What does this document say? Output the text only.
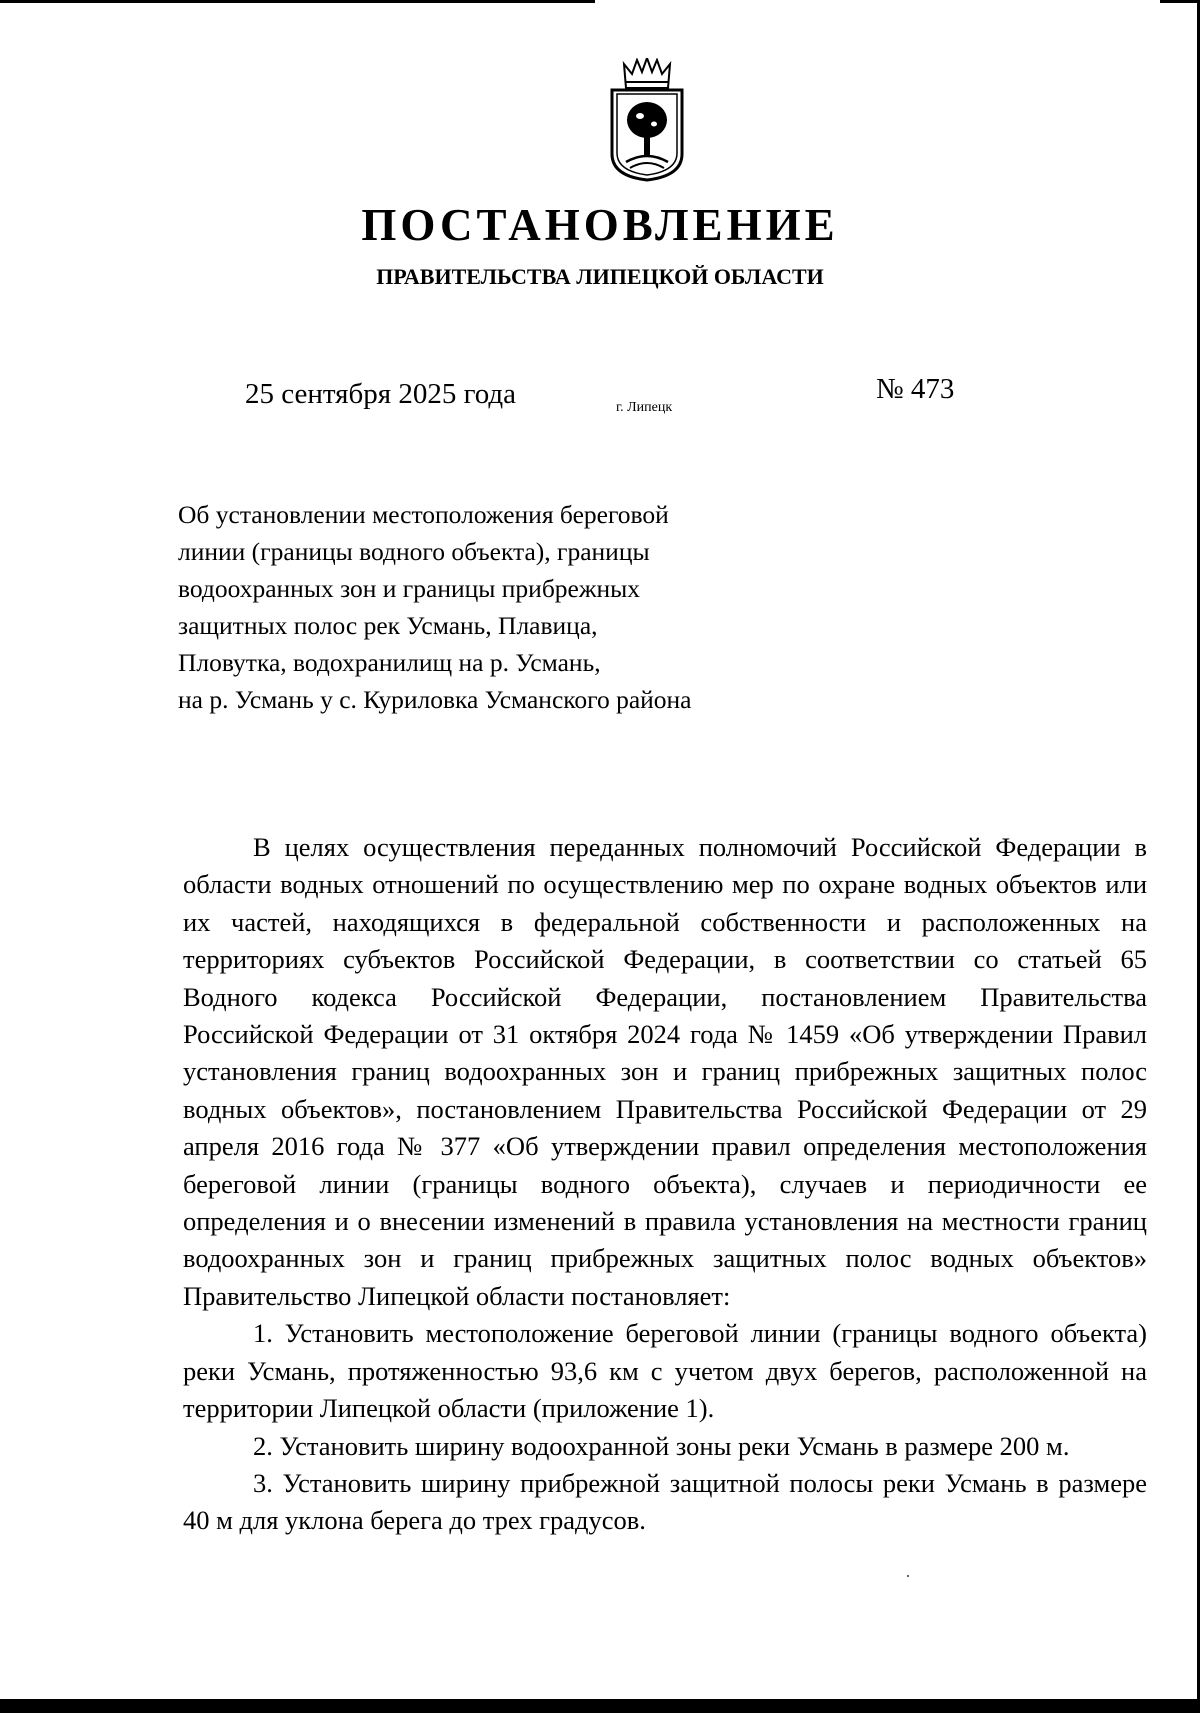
ПОСТАНОВЛЕНИЕ
ПРАВИТЕЛЬСТВА ЛИПЕЦКОЙ ОБЛАСТИ
25 сентября 2025 года	г. Липецк
№ 473
Об установлении местоположения береговой
линии (границы водного объекта), границы
водоохранных зон и границы прибрежных
защитных полос рек Усмань, Плавица,
Пловутка, водохранилищ на р. Усмань,
на р. Усмань у с. Куриловка Усманского района

В целях осуществления переданных полномочий Российской Федерации в области водных отношений по осуществлению мер по охране водных объектов или их частей, находящихся в федеральной собственности и расположенных на территориях субъектов Российской Федерации, в соответствии со статьей 65 Водного кодекса Российской Федерации, постановлением Правительства Российской Федерации от 31 октября 2024 года № 1459 «Об утверждении Правил установления границ водоохранных зон и границ прибрежных защитных полос водных объектов», постановлением Правительства Российской Федерации от 29 апреля 2016 года № 377 «Об утверждении правил определения местоположения береговой линии (границы водного объекта), случаев и периодичности ее определения и о внесении изменений в правила установления на местности границ водоохранных зон и границ прибрежных защитных полос водных объектов» Правительство Липецкой области постановляет:

1. Установить местоположение береговой линии (границы водного объекта) реки Усмань, протяженностью 93,6 км с учетом двух берегов, расположенной на территории Липецкой области (приложение 1).

2. Установить ширину водоохранной зоны реки Усмань в размере 200 м.

3. Установить ширину прибрежной защитной полосы реки Усмань в размере 40 м для уклона берега до трех градусов.
